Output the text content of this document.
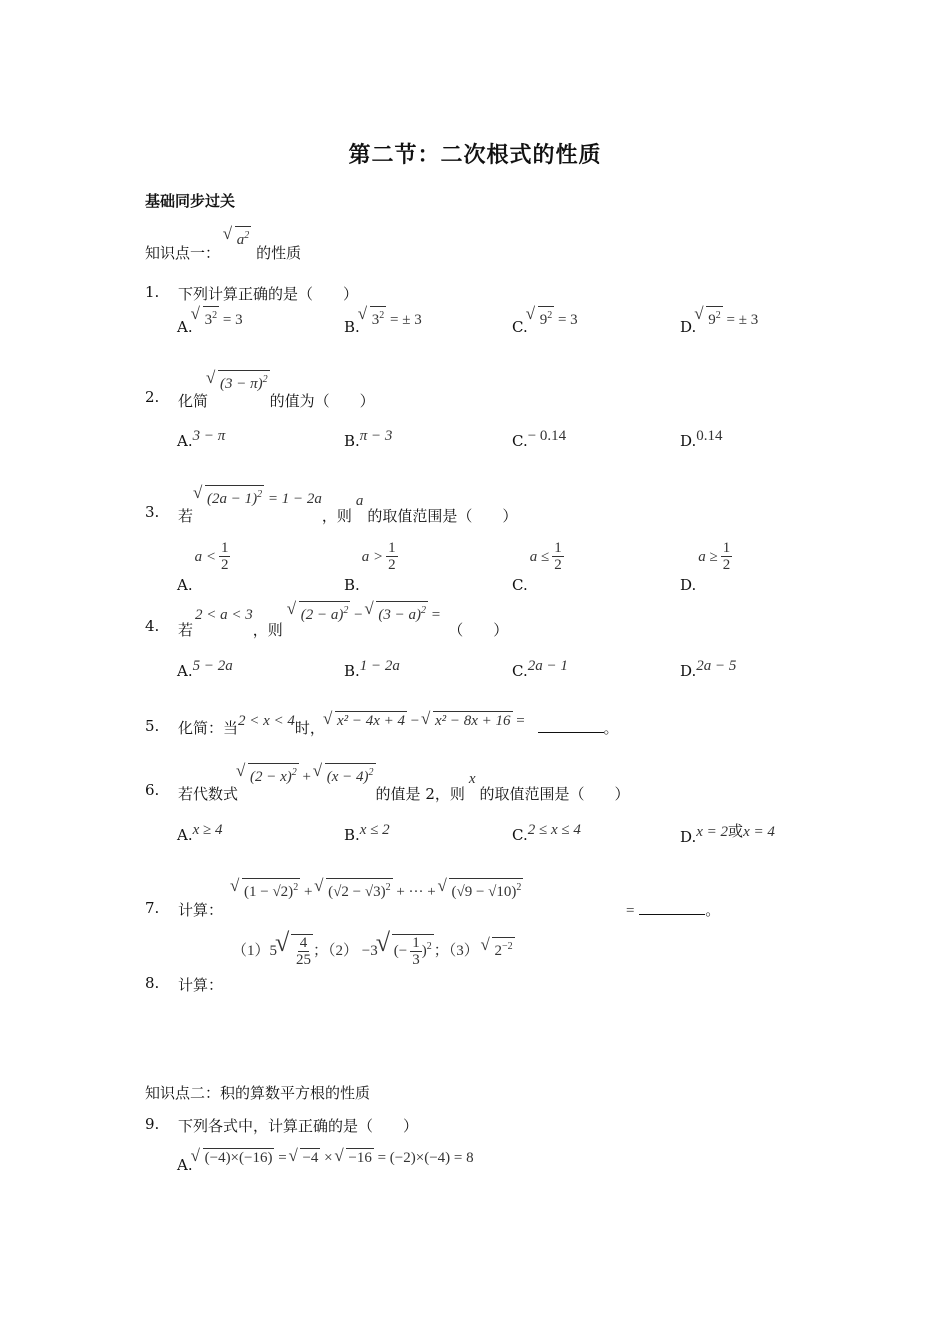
第二节：二次根式的性质
基础同步过关
知识点一： √ $a^2$ 的性质
1. 下列计算正确的是（　　）
A. √ $3^2 = 3$	B. √ $3^2$ = ± 3	C. √ $9^2 = 3$	D. √ $9^2$ = ± 3
2. 化简√ $(3 - \pi)^2$的值为（　　）
A.3 − π	B.π − 3	C.− 0.14	D.0.14
3. 若√ $(2a - 1)^2 = 1 - 2a$，则a的取值范围是（　　）
$A.a < \frac{1}{2}$
$B.a > \frac{1}{2}$
$C.a \le \frac{1}{2}$
$D.a \ge \frac{1}{2}$
4. 若2 < a < 3，则√ $(2 - a)^2$ − √ $(3 - a)^2$ =（　　）
A.5 − 2a	B.1 − 2a	C.2a − 1	D.2a − 5
5. 化简：当2 < x < 4时， √ x² − 4x + 4 − √ x² − 8x + 16 =	。
6. 若代数式√ $(2 - x)^2$ + √ $(x - 4)^2$的值是 2，则x的取值范围是（　　）
A.x ≥ 4	B.x ≤ 2	C.2 ≤ x ≤ 4	D.x = 2或x = 4
7. 计算：
√ $(1 - √2)^2$ + √ $(√2 - √3)^2$ + ··· + √ $(√9 - √10)^2$
=	。
8. 计算：
（1）5 √ $\frac{4}{25}$ ；（2） −3 √ (− $\frac{1}{3} )^2$ ；（3） √ $2^{-2}$
知识点二：积的算数平方根的性质
9. 下列各式中，计算正确的是（　　）
A. √ (−4)×(−16) = √ −4 × √ −16 = (−2)×(−4) = 8
